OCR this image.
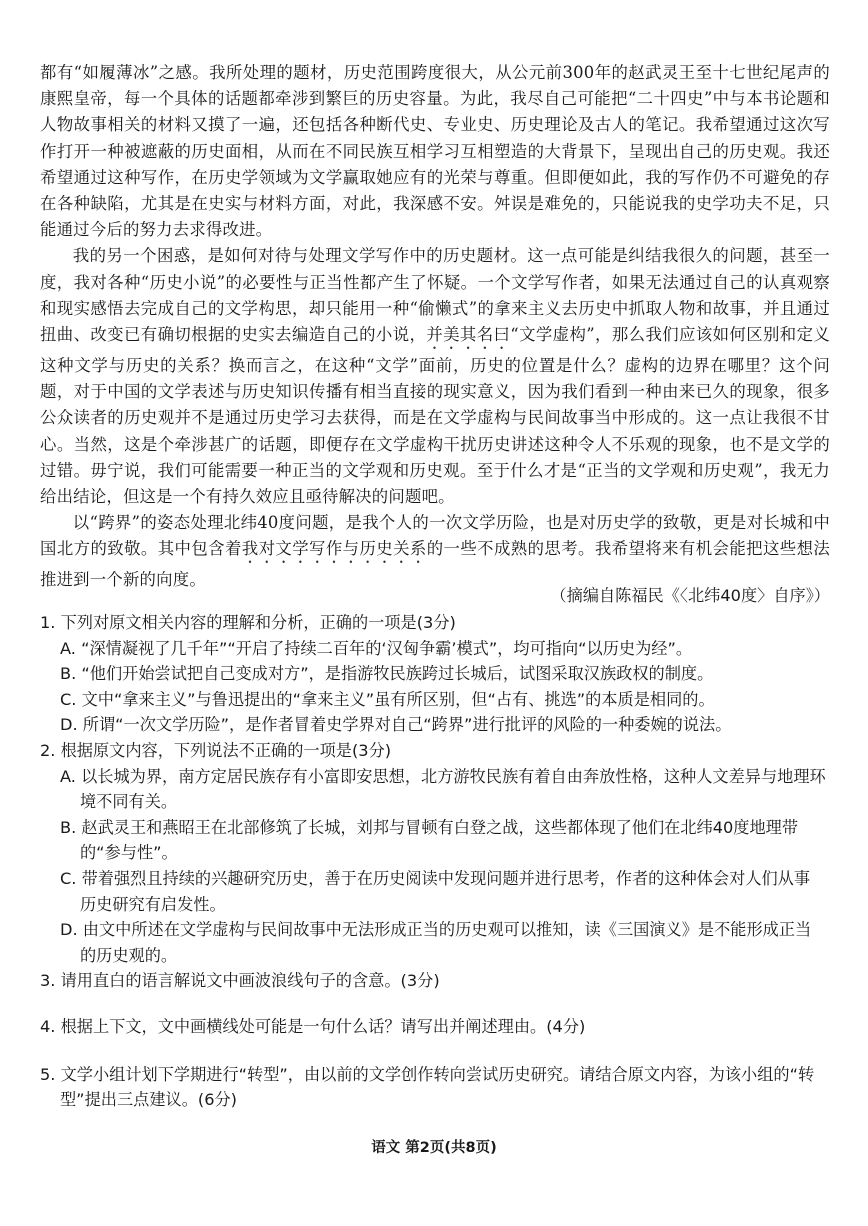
都有“如履薄冰”之感。我所处理的题材，历史范围跨度很大，从公元前300年的赵武灵王至十七世纪尾声的康熙皇帝，每一个具体的话题都牵涉到繁巨的历史容量。为此，我尽自己可能把“二十四史”中与本书论题和人物故事相关的材料又摸了一遍，还包括各种断代史、专业史、历史理论及古人的笔记。我希望通过这次写作打开一种被遮蔽的历史面相，从而在不同民族互相学习互相塑造的大背景下，呈现出自己的历史观。我还希望通过这种写作，在历史学领域为文学赢取她应有的光荣与尊重。但即便如此，我的写作仍不可避免的存在各种缺陷，尤其是在史实与材料方面，对此，我深感不安。舛误是难免的，只能说我的史学功夫不足，只能通过今后的努力去求得改进。

我的另一个困惑，是如何对待与处理文学写作中的历史题材。这一点可能是纠结我很久的问题，甚至一度，我对各种“历史小说”的必要性与正当性都产生了怀疑。一个文学写作者，如果无法通过自己的认真观察和现实感悟去完成自己的文学构思，却只能用一种“偷懒式”的拿来主义去历史中抓取人物和故事，并且通过扭曲、改变已有确切根据的史实去编造自己的小说，并美其名曰“文学虚构”，那么我们应该如何区别和定义这种文学与历史的关系？换而言之，在这种“文学”面前，历史的位置是什么？虚构的边界在哪里？这个问题，对于中国的文学表述与历史知识传播有相当直接的现实意义，因为我们看到一种由来已久的现象，很多公众读者的历史观并不是通过历史学习去获得，而是在文学虚构与民间故事当中形成的。这一点让我很不甘心。当然，这是个牵涉甚广的话题，即便存在文学虚构干扰历史讲述这种令人不乐观的现象，也不是文学的过错。毋宁说，我们可能需要一种正当的文学观和历史观。至于什么才是“正当的文学观和历史观”，我无力给出结论，但这是一个有持久效应且亟待解决的问题吧。

以“跨界”的姿态处理北纬40度问题，是我个人的一次文学历险，也是对历史学的致敬，更是对长城和中国北方的致敬。其中包含着我对文学写作与历史关系的一些不成熟的思考。我希望将来有机会能把这些想法推进到一个新的向度。

（摘编自陈福民《〈北纬40度〉自序》）
1. 下列对原文相关内容的理解和分析，正确的一项是(3分)
A. “深情凝视了几千年”“开启了持续二百年的‘汉匈争霸’模式”，均可指向“以历史为经”。
B. “他们开始尝试把自己变成对方”，是指游牧民族跨过长城后，试图采取汉族政权的制度。
C. 文中“拿来主义”与鲁迅提出的“拿来主义”虽有所区别，但“占有、挑选”的本质是相同的。
D. 所谓“一次文学历险”，是作者冒着史学界对自己“跨界”进行批评的风险的一种委婉的说法。
2. 根据原文内容，下列说法不正确的一项是(3分)
A. 以长城为界，南方定居民族存有小富即安思想，北方游牧民族有着自由奔放性格，这种人文差异与地理环境不同有关。
B. 赵武灵王和燕昭王在北部修筑了长城，刘邦与冒顿有白登之战，这些都体现了他们在北纬40度地理带的“参与性”。
C. 带着强烈且持续的兴趣研究历史，善于在历史阅读中发现问题并进行思考，作者的这种体会对人们从事历史研究有启发性。
D. 由文中所述在文学虚构与民间故事中无法形成正当的历史观可以推知，读《三国演义》是不能形成正当的历史观的。
3. 请用直白的语言解说文中画波浪线句子的含意。(3分)
4. 根据上下文，文中画横线处可能是一句什么话？请写出并阐述理由。(4分)
5. 文学小组计划下学期进行“转型”，由以前的文学创作转向尝试历史研究。请结合原文内容，为该小组的“转型”提出三点建议。(6分)
语文 第2页(共8页)
